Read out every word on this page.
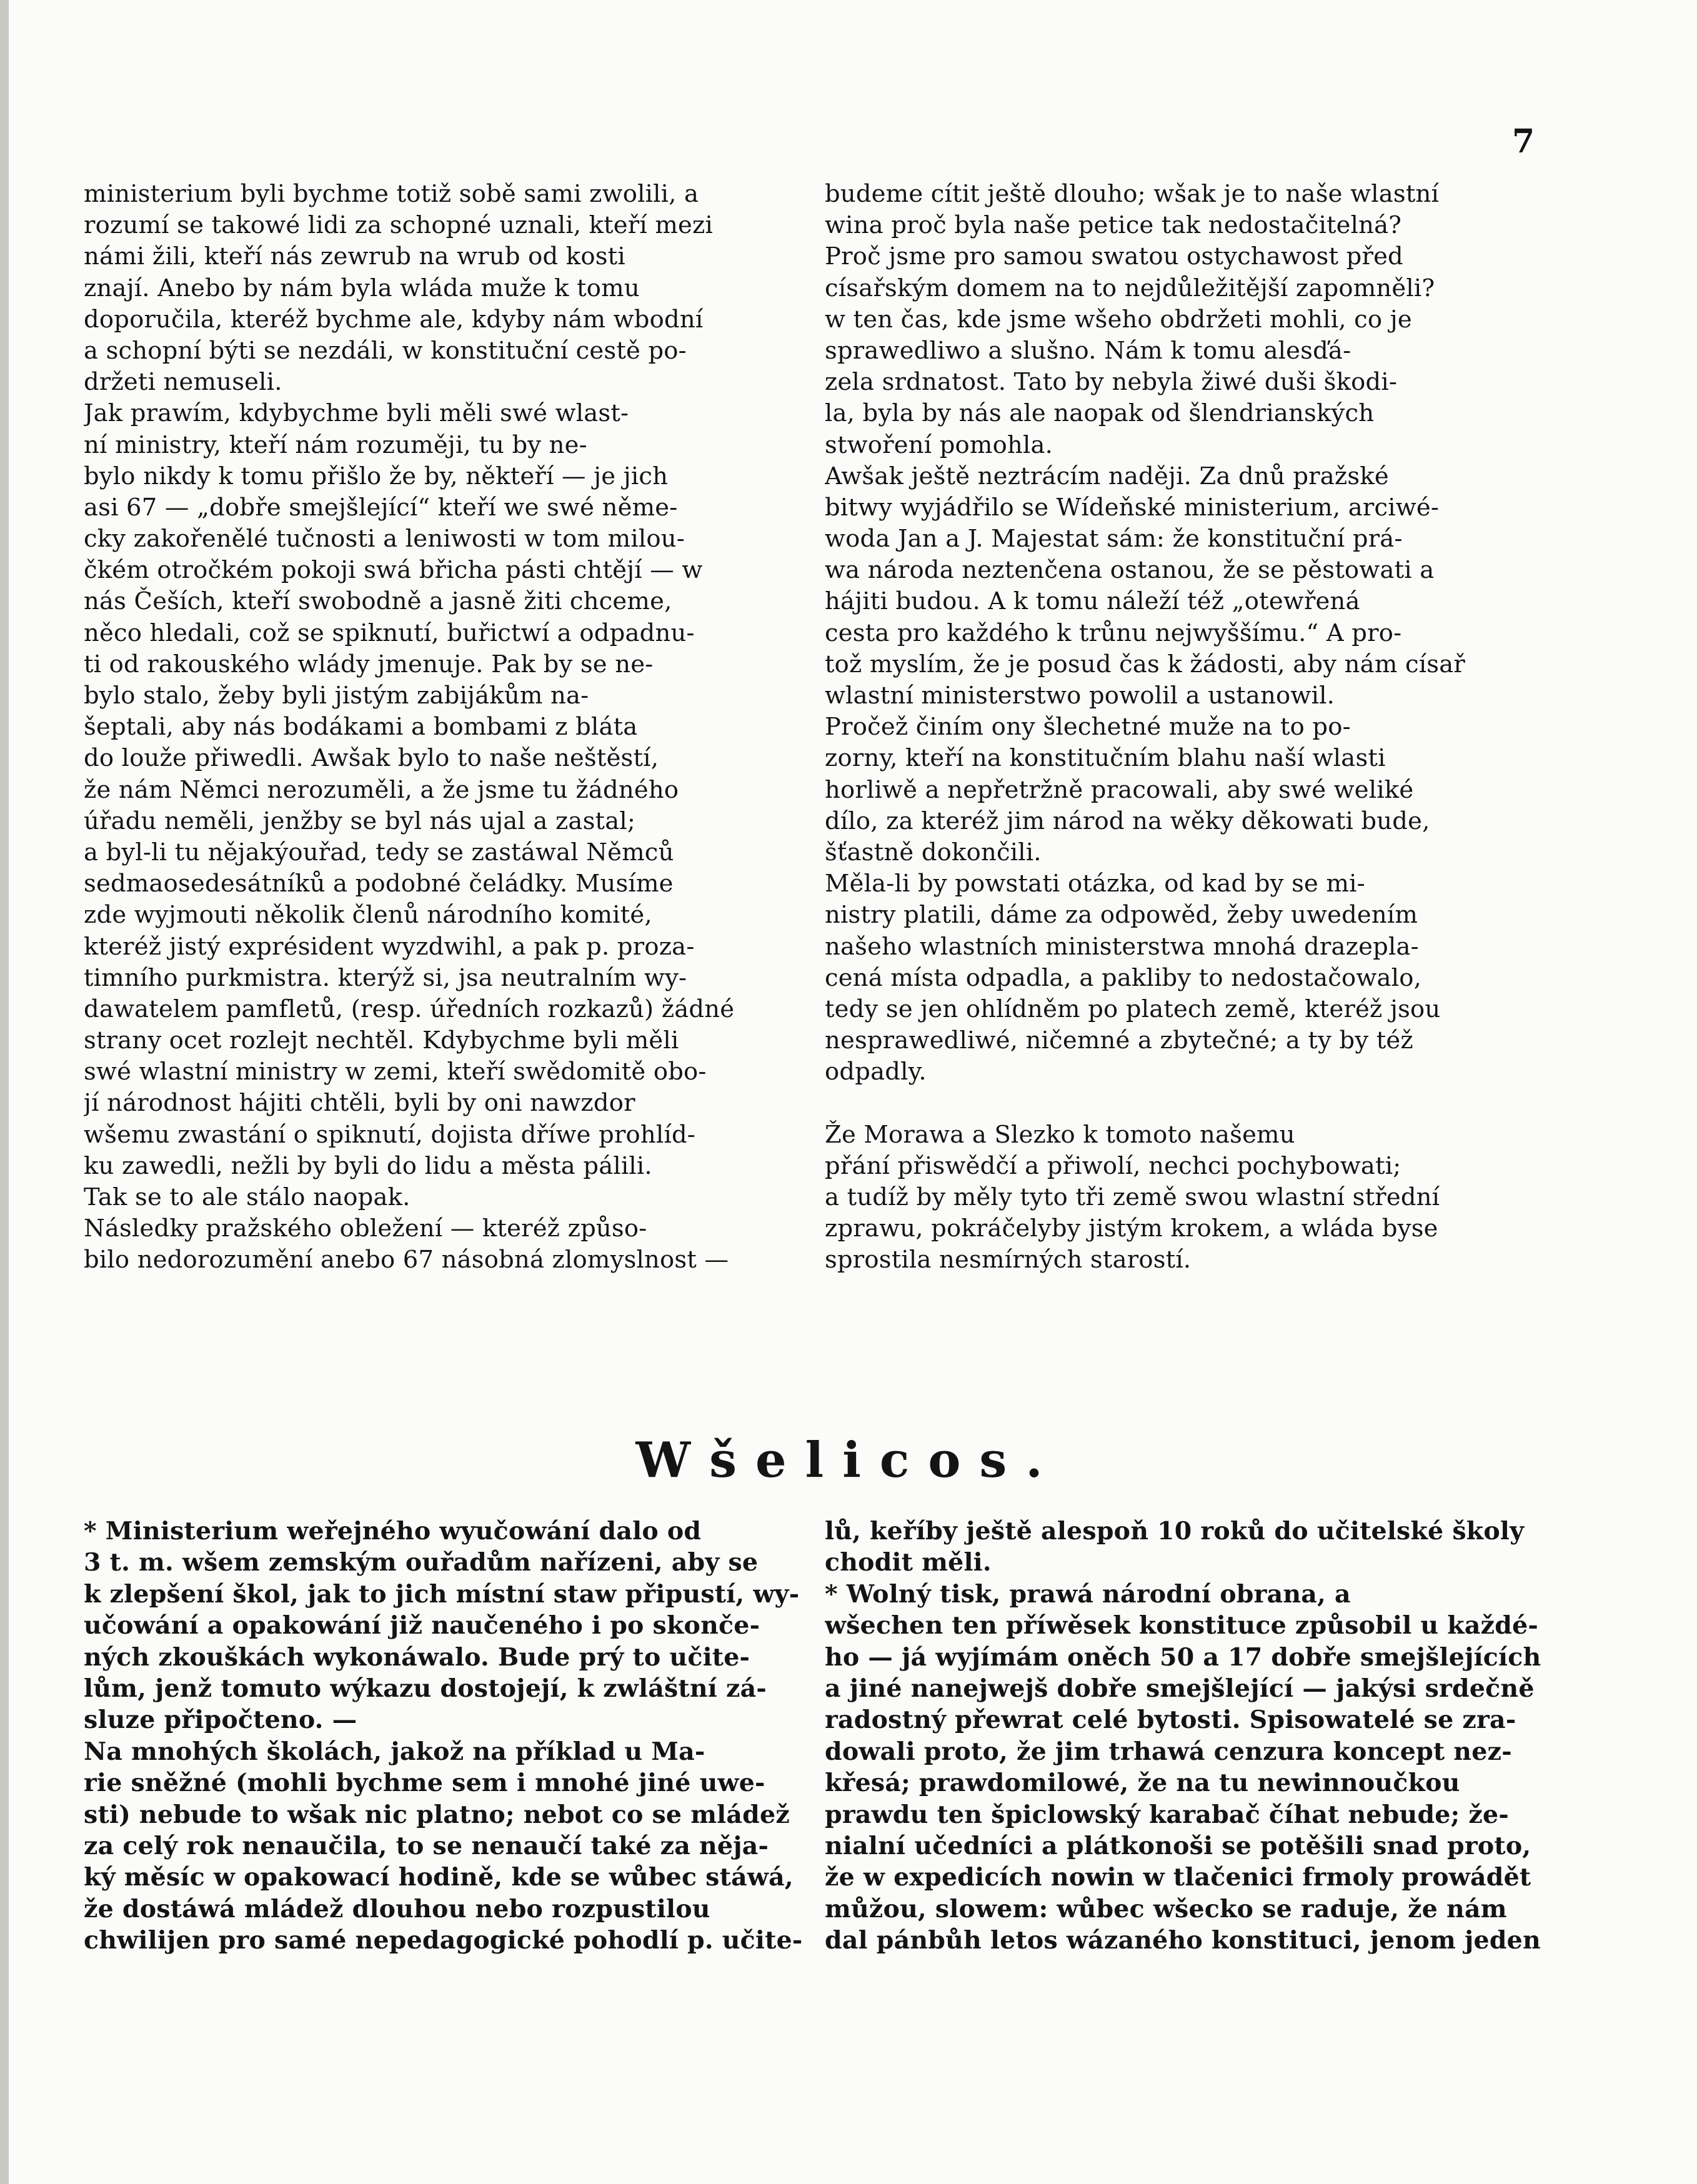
7
ministerium byli bychme totiž sobě sami zwolili, a
rozumí se takowé lidi za schopné uznali, kteří mezi
námi žili, kteří nás zewrub na wrub od kosti
znají. Anebo by nám byla wláda muže k tomu
doporučila, kteréž bychme ale, kdyby nám wbodní
a schopní býti se nezdáli, w konstituční cestě po-
držeti nemuseli.
Jak prawím, kdybychme byli měli swé wlast-
ní ministry, kteří nám rozuměji, tu by ne-
bylo nikdy k tomu přišlo že by, někteří — je jich
asi 67 — „dobře smejšlející“ kteří we swé něme-
cky zakořenělé tučnosti a leniwosti w tom milou-
čkém otročkém pokoji swá břicha pásti chtějí — w
nás Češích, kteří swobodně a jasně žiti chceme,
něco hledali, což se spiknutí, buřictwí a odpadnu-
ti od rakouského wlády jmenuje. Pak by se ne-
bylo stalo, žeby byli jistým zabijákům na-
šeptali, aby nás bodákami a bombami z bláta
do louže přiwedli. Awšak bylo to naše neštěstí,
že nám Němci nerozuměli, a že jsme tu žádného
úřadu neměli, jenžby se byl nás ujal a zastal;
a byl-li tu nějakýouřad, tedy se zastáwal Němců
sedmaosedesátníků a podobné čeládky. Musíme
zde wyjmouti několik členů národního komité,
kteréž jistý exprésident wyzdwihl, a pak p. proza-
timního purkmistra. kterýž si, jsa neutralním wy-
dawatelem pamfletů, (resp. úředních rozkazů) žádné
strany ocet rozlejt nechtěl. Kdybychme byli měli
swé wlastní ministry w zemi, kteří swědomitě obo-
jí národnost hájiti chtěli, byli by oni nawzdor
wšemu zwastání o spiknutí, dojista dříwe prohlíd-
ku zawedli, nežli by byli do lidu a města pálili.
Tak se to ale stálo naopak.
Následky pražského obležení — kteréž způso-
bilo nedorozumění anebo 67 násobná zlomyslnost —
budeme cítit ještě dlouho; wšak je to naše wlastní
wina proč byla naše petice tak nedostačitelná?
Proč jsme pro samou swatou ostychawost před
císařským domem na to nejdůležitější zapomněli?
w ten čas, kde jsme wšeho obdržeti mohli, co je
sprawedliwo a slušno. Nám k tomu alesďá-
zela srdnatost. Tato by nebyla žiwé duši škodi-
la, byla by nás ale naopak od šlendrianských
stwoření pomohla.
Awšak ještě neztrácím naději. Za dnů pražské
bitwy wyjádřilo se Wídeňské ministerium, arciwé-
woda Jan a J. Majestat sám: že konstituční prá-
wa národa neztenčena ostanou, že se pěstowati a
hájiti budou. A k tomu náleží též „otewřená
cesta pro každého k trůnu nejwyššímu.“ A pro-
tož myslím, že je posud čas k žádosti, aby nám císař
wlastní ministerstwo powolil a ustanowil.
Pročež činím ony šlechetné muže na to po-
zorny, kteří na konstitučním blahu naší wlasti
horliwě a nepřetržně pracowali, aby swé weliké
dílo, za kteréž jim národ na wěky děkowati bude,
šťastně dokončili.
Měla-li by powstati otázka, od kad by se mi-
nistry platili, dáme za odpowěd, žeby uwedením
našeho wlastních ministerstwa mnohá drazepla-
cená místa odpadla, a pakliby to nedostačowalo,
tedy se jen ohlídněm po platech země, kteréž jsou
nesprawedliwé, ničemné a zbytečné; a ty by též
odpadly.
Že Morawa a Slezko k tomoto našemu
přání přiswědčí a přiwolí, nechci pochybowati;
a tudíž by měly tyto tři země swou wlastní střední
zprawu, pokráčelyby jistým krokem, a wláda byse
sprostila nesmírných starostí.
Wšelicos.
* Ministerium weřejného wyučowání dalo od
3 t. m. wšem zemským ouřadům nařízeni, aby se
k zlepšení škol, jak to jich místní staw připustí, wy-
učowání a opakowání již naučeného i po skonče-
ných zkouškách wykonáwalo. Bude prý to učite-
lům, jenž tomuto wýkazu dostojejí, k zwláštní zá-
sluze připočteno. —
Na mnohých školách, jakož na příklad u Ma-
rie sněžné (mohli bychme sem i mnohé jiné uwe-
sti) nebude to wšak nic platno; nebot co se mládež
za celý rok nenaučila, to se nenaučí také za něja-
ký měsíc w opakowací hodině, kde se wůbec stáwá,
že dostáwá mládež dlouhou nebo rozpustilou
chwilijen pro samé nepedagogické pohodlí p. učite-
lů, keříby ještě alespoň 10 roků do učitelské školy
chodit měli.
* Wolný tisk, prawá národní obrana, a
wšechen ten příwěsek konstituce způsobil u každé-
ho — já wyjímám oněch 50 a 17 dobře smejšlejících
a jiné nanejwejš dobře smejšlející — jakýsi srdečně
radostný přewrat celé bytosti. Spisowatelé se zra-
dowali proto, že jim trhawá cenzura koncept nez-
křesá; prawdomilowé, že na tu newinnoučkou
prawdu ten špiclowský karabač číhat nebude; že-
nialní učedníci a plátkonoši se potěšili snad proto,
že w expedicích nowin w tlačenici frmoly prowádět
můžou, slowem: wůbec wšecko se raduje, že nám
dal pánbůh letos wázaného konstituci, jenom jeden
